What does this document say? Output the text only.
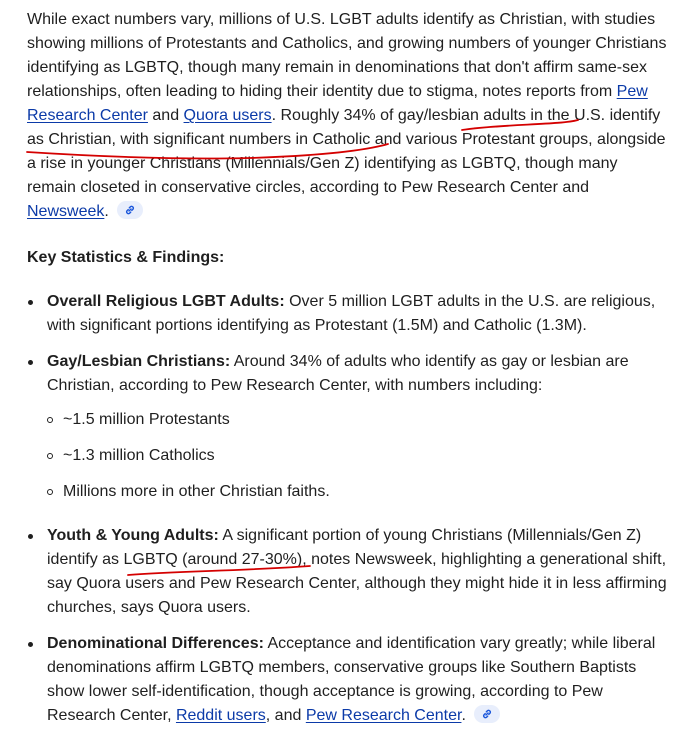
While exact numbers vary, millions of U.S. LGBT adults identify as Christian, with studies showing millions of Protestants and Catholics, and growing numbers of younger Christians identifying as LGBTQ, though many remain in denominations that don't affirm same-sex relationships, often leading to hiding their identity due to stigma, notes reports from Pew Research Center and Quora users. Roughly 34% of gay/lesbian adults in the U.S. identify as Christian, with significant numbers in Catholic and various Protestant groups, alongside a rise in younger Christians (Millennials/Gen Z) identifying as LGBTQ, though many remain closeted in conservative circles, according to Pew Research Center and Newsweek.

Key Statistics & Findings:
Overall Religious LGBT Adults: Over 5 million LGBT adults in the U.S. are religious, with significant portions identifying as Protestant (1.5M) and Catholic (1.3M).
Gay/Lesbian Christians: Around 34% of adults who identify as gay or lesbian are Christian, according to Pew Research Center, with numbers including:
~1.5 million Protestants
~1.3 million Catholics
Millions more in other Christian faiths.
Youth & Young Adults: A significant portion of young Christians (Millennials/Gen Z) identify as LGBTQ (around 27-30%), notes Newsweek, highlighting a generational shift, say Quora users and Pew Research Center, although they might hide it in less affirming churches, says Quora users.
Denominational Differences: Acceptance and identification vary greatly; while liberal denominations affirm LGBTQ members, conservative groups like Southern Baptists show lower self-identification, though acceptance is growing, according to Pew Research Center, Reddit users, and Pew Research Center.
